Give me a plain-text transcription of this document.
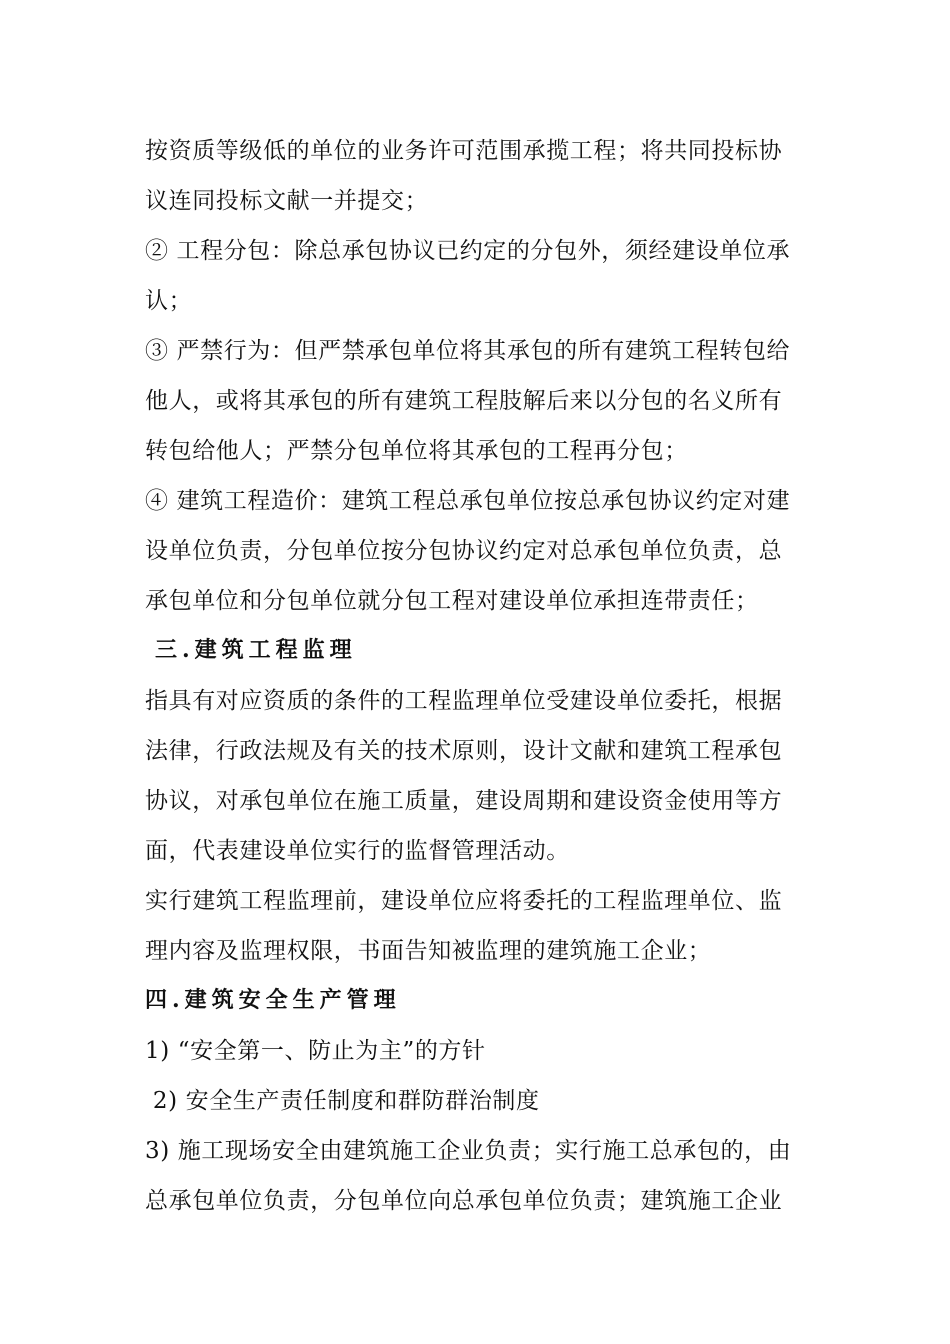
按资质等级低的单位的业务许可范围承揽工程；将共同投标协
议连同投标文献一并提交；
② 工程分包：除总承包协议已约定的分包外，须经建设单位承
认；
③ 严禁行为：但严禁承包单位将其承包的所有建筑工程转包给
他人，或将其承包的所有建筑工程肢解后来以分包的名义所有
转包给他人；严禁分包单位将其承包的工程再分包；
④ 建筑工程造价：建筑工程总承包单位按总承包协议约定对建
设单位负责，分包单位按分包协议约定对总承包单位负责，总
承包单位和分包单位就分包工程对建设单位承担连带责任；
三.建筑工程监理
指具有对应资质的条件的工程监理单位受建设单位委托，根据
法律，行政法规及有关的技术原则，设计文献和建筑工程承包
协议，对承包单位在施工质量，建设周期和建设资金使用等方
面，代表建设单位实行的监督管理活动。
实行建筑工程监理前，建设单位应将委托的工程监理单位、监
理内容及监理权限，书面告知被监理的建筑施工企业；
四.建筑安全生产管理
1) “安全第一、防止为主”的方针
2) 安全生产责任制度和群防群治制度
3) 施工现场安全由建筑施工企业负责；实行施工总承包的，由
总承包单位负责，分包单位向总承包单位负责；建筑施工企业
